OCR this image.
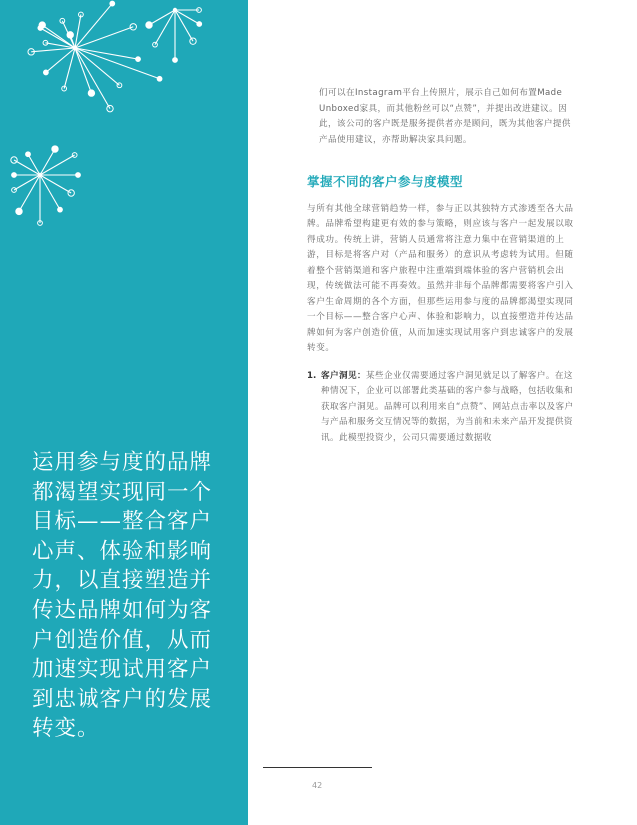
运用参与度的品牌都渴望实现同一个目标——整合客户心声、体验和影响力，以直接塑造并传达品牌如何为客户创造价值，从而加速实现试用客户到忠诚客户的发展转变。

们可以在Instagram平台上传照片，展示自己如何布置Made Unboxed家具，而其他粉丝可以“点赞”，并提出改进建议。因此，该公司的客户既是服务提供者亦是顾问，既为其他客户提供产品使用建议，亦帮助解决家具问题。

掌握不同的客户参与度模型

与所有其他全球营销趋势一样，参与正以其独特方式渗透至各大品牌。品牌希望构建更有效的参与策略，则应该与客户一起发展以取得成功。传统上讲，营销人员通常将注意力集中在营销渠道的上游，目标是将客户对（产品和服务）的意识从考虑转为试用。但随着整个营销渠道和客户旅程中注重端到端体验的客户营销机会出现，传统做法可能不再奏效。虽然并非每个品牌都需要将客户引入客户生命周期的各个方面，但那些运用参与度的品牌都渴望实现同一个目标——整合客户心声、体验和影响力，以直接塑造并传达品牌如何为客户创造价值，从而加速实现试用客户到忠诚客户的发展转变。

1. 客户洞见：某些企业仅需要通过客户洞见就足以了解客户。在这种情况下，企业可以部署此类基础的客户参与战略，包括收集和获取客户洞见。品牌可以利用来自“点赞”、网站点击率以及客户与产品和服务交互情况等的数据，为当前和未来产品开发提供资讯。此模型投资少，公司只需要通过数据收
42
